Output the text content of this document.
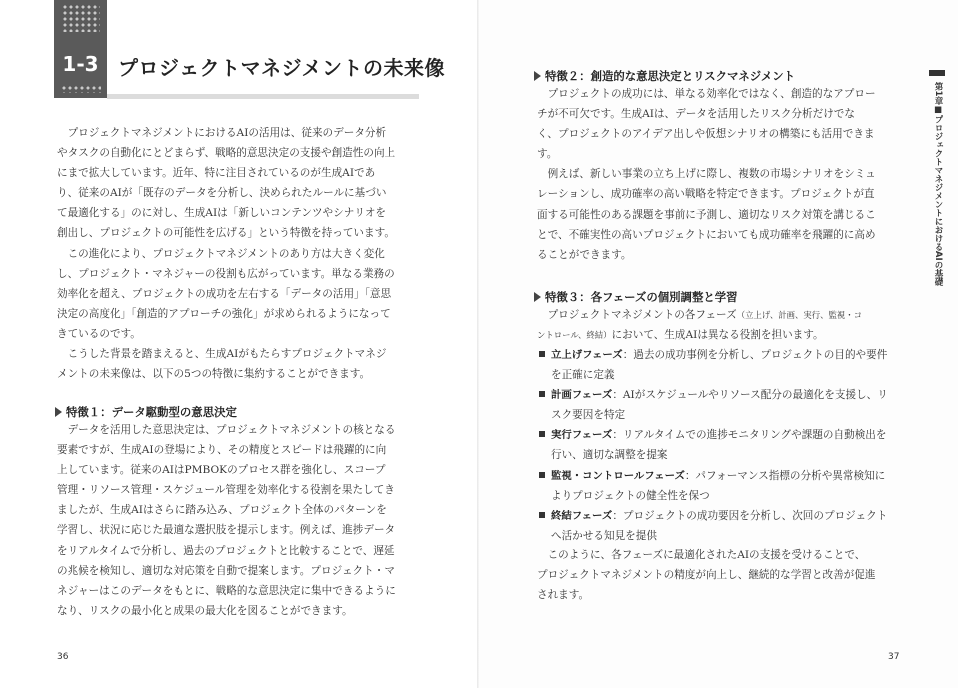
1-3 プロジェクトマネジメントの未来像

　プロジェクトマネジメントにおけるAIの活用は、従来のデータ分析

やタスクの自動化にとどまらず、戦略的意思決定の支援や創造性の向上

にまで拡大しています。近年、特に注目されているのが生成AIであ

り、従来のAIが「既存のデータを分析し、決められたルールに基づい

て最適化する」のに対し、生成AIは「新しいコンテンツやシナリオを

創出し、プロジェクトの可能性を広げる」という特徴を持っています。

　この進化により、プロジェクトマネジメントのあり方は大きく変化

し、プロジェクト・マネジャーの役割も広がっています。単なる業務の

効率化を超え、プロジェクトの成功を左右する「データの活用」「意思

決定の高度化」「創造的アプローチの強化」が求められるようになって

きているのです。

　こうした背景を踏まえると、生成AIがもたらすプロジェクトマネジ

メントの未来像は、以下の5つの特徴に集約することができます。

特徴１：データ駆動型の意思決定

　データを活用した意思決定は、プロジェクトマネジメントの核となる

要素ですが、生成AIの登場により、その精度とスピードは飛躍的に向

上しています。従来のAIはPMBOKのプロセス群を強化し、スコープ

管理・リソース管理・スケジュール管理を効率化する役割を果たしてき

ましたが、生成AIはさらに踏み込み、プロジェクト全体のパターンを

学習し、状況に応じた最適な選択肢を提示します。例えば、進捗データ

をリアルタイムで分析し、過去のプロジェクトと比較することで、遅延

の兆候を検知し、適切な対応策を自動で提案します。プロジェクト・マ

ネジャーはこのデータをもとに、戦略的な意思決定に集中できるように

なり、リスクの最小化と成果の最大化を図ることができます。

36
特徴２：創造的な意思決定とリスクマネジメント

　プロジェクトの成功には、単なる効率化ではなく、創造的なアプロー

チが不可欠です。生成AIは、データを活用したリスク分析だけでな

く、プロジェクトのアイデア出しや仮想シナリオの構築にも活用できま

す。

　例えば、新しい事業の立ち上げに際し、複数の市場シナリオをシミュ

レーションし、成功確率の高い戦略を特定できます。プロジェクトが直

面する可能性のある課題を事前に予測し、適切なリスク対策を講じるこ

とで、不確実性の高いプロジェクトにおいても成功確率を飛躍的に高め

ることができます。

特徴３：各フェーズの個別調整と学習

　プロジェクトマネジメントの各フェーズ（立上げ、計画、実行、監視・コ

ントロール、終結）において、生成AIは異なる役割を担います。

立上げフェーズ：過去の成功事例を分析し、プロジェクトの目的や要件
を正確に定義
計画フェーズ：AIがスケジュールやリソース配分の最適化を支援し、リ
スク要因を特定
実行フェーズ：リアルタイムでの進捗モニタリングや課題の自動検出を
行い、適切な調整を提案
監視・コントロールフェーズ：パフォーマンス指標の分析や異常検知に
よりプロジェクトの健全性を保つ
終結フェーズ：プロジェクトの成功要因を分析し、次回のプロジェクト
へ活かせる知見を提供

　このように、各フェーズに最適化されたAIの支援を受けることで、

プロジェクトマネジメントの精度が向上し、継続的な学習と改善が促進

されます。

第1章■プロジェクトマネジメントにおけるAIの基礎
37
